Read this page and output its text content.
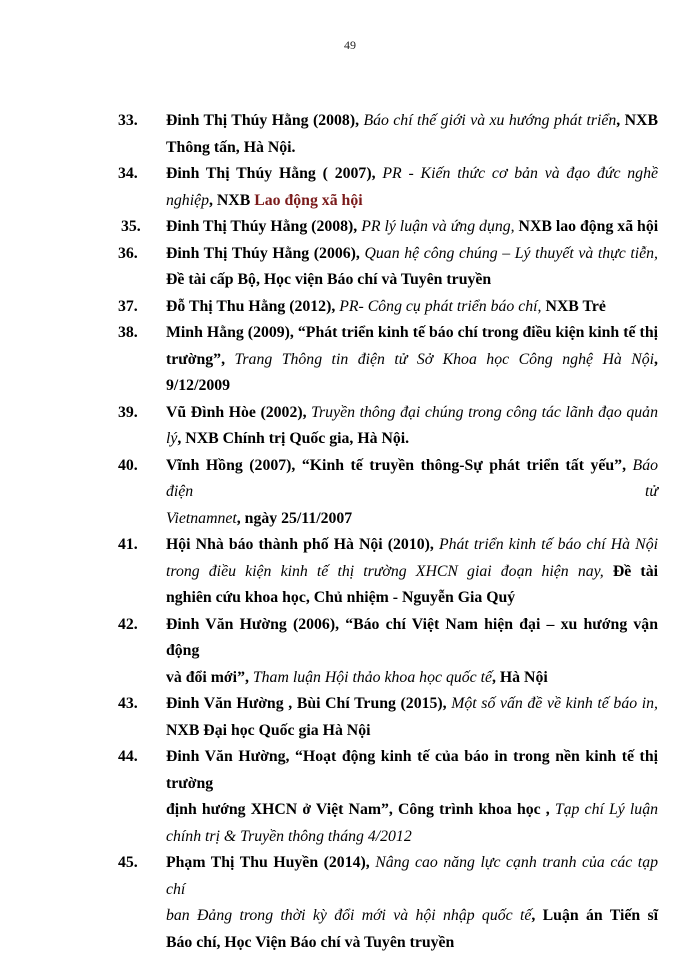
49
33. Đinh Thị Thúy Hằng (2008), Báo chí thế giới và xu hướng phát triển, NXB
Thông tấn, Hà Nội.
34. Đinh Thị Thúy Hằng ( 2007), PR - Kiến thức cơ bản và đạo đức nghề
nghiệp, NXB Lao động xã hội
35. Đinh Thị Thúy Hằng (2008), PR lý luận và ứng dụng, NXB lao động xã hội
36. Đinh Thị Thúy Hằng (2006), Quan hệ công chúng – Lý thuyết và thực tiễn,
Đề tài cấp Bộ, Học viện Báo chí và Tuyên truyền
37. Đỗ Thị Thu Hằng (2012), PR- Công cụ phát triển báo chí, NXB Trẻ
38. Minh Hằng (2009), “Phát triển kinh tế báo chí trong điều kiện kinh tế thị
trường”, Trang Thông tin điện tử Sở Khoa học Công nghệ Hà Nội,
9/12/2009
39. Vũ Đình Hòe (2002), Truyền thông đại chúng trong công tác lãnh đạo quản
lý, NXB Chính trị Quốc gia, Hà Nội.
40. Vĩnh Hồng (2007), “Kinh tế truyền thông-Sự phát triển tất yếu”, Báo điện tử
Vietnamnet, ngày 25/11/2007
41. Hội Nhà báo thành phố Hà Nội (2010), Phát triển kinh tế báo chí Hà Nội
trong điều kiện kinh tế thị trường XHCN giai đoạn hiện nay, Đề tài
nghiên cứu khoa học, Chủ nhiệm - Nguyễn Gia Quý
42. Đinh Văn Hường (2006), “Báo chí Việt Nam hiện đại – xu hướng vận động
và đổi mới”, Tham luận Hội thảo khoa học quốc tế, Hà Nội
43. Đinh Văn Hường , Bùi Chí Trung (2015), Một số vấn đề về kinh tế báo in,
NXB Đại học Quốc gia Hà Nội
44. Đinh Văn Hường, “Hoạt động kinh tế của báo in trong nền kinh tế thị trường
định hướng XHCN ở Việt Nam”, Công trình khoa học , Tạp chí Lý luận
chính trị & Truyền thông tháng 4/2012
45. Phạm Thị Thu Huyền (2014), Nâng cao năng lực cạnh tranh của các tạp chí
ban Đảng trong thời kỳ đổi mới và hội nhập quốc tế, Luận án Tiến sĩ
Báo chí, Học Viện Báo chí và Tuyên truyền
